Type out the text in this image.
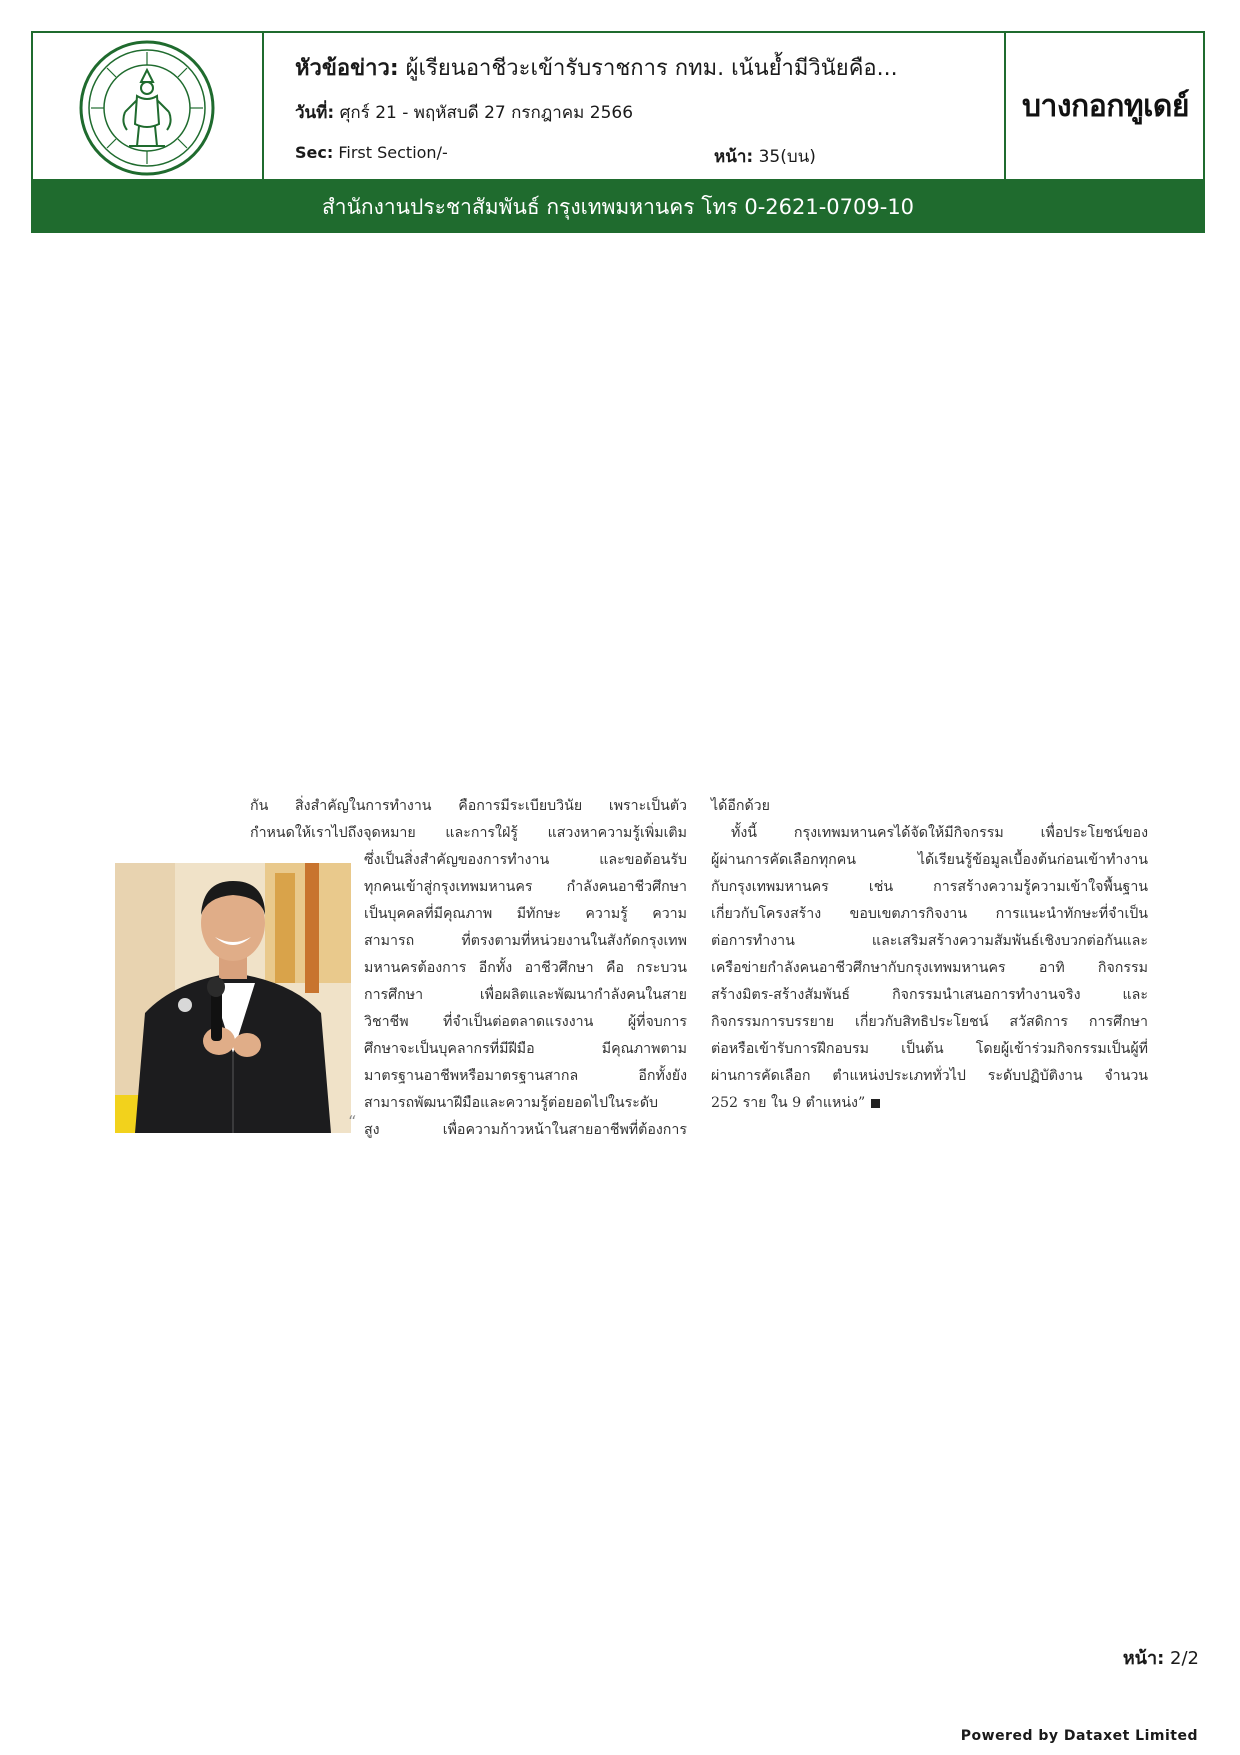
หัวข้อข่าว: ผู้เรียนอาชีวะเข้ารับราชการ กทม. เน้นย้ำมีวินัยคือ...
วันที่: ศุกร์ 21 - พฤหัสบดี 27 กรกฎาคม 2566
Sec: First Section/-	หน้า: 35(บน)
บางกอกทูเดย์
สำนักงานประชาสัมพันธ์ กรุงเทพมหานคร โทร 0-2621-0709-10
กัน สิ่งสำคัญในการทำงาน คือการมีระเบียบวินัย เพราะเป็นตัว
กำหนดให้เราไปถึงจุดหมาย และการใฝ่รู้ แสวงหาความรู้เพิ่มเติม
ซึ่งเป็นสิ่งสำคัญของการทำงาน และขอต้อนรับ
ทุกคนเข้าสู่กรุงเทพมหานคร กำลังคนอาชีวศึกษา
เป็นบุคคลที่มีคุณภาพ มีทักษะ ความรู้ ความ
สามารถ ที่ตรงตามที่หน่วยงานในสังกัดกรุงเทพ
มหานครต้องการ อีกทั้ง อาชีวศึกษา คือ กระบวน
การศึกษา เพื่อผลิตและพัฒนากำลังคนในสาย
วิชาชีพ ที่จำเป็นต่อตลาดแรงงาน ผู้ที่จบการ
ศึกษาจะเป็นบุคลากรที่มีฝีมือ มีคุณภาพตาม
มาตรฐานอาชีพหรือมาตรฐานสากล อีกทั้งยัง
สามารถพัฒนาฝีมือและความรู้ต่อยอดไปในระดับ
สูง เพื่อความก้าวหน้าในสายอาชีพที่ต้องการ
“
ได้อีกด้วย
ทั้งนี้ กรุงเทพมหานครได้จัดให้มีกิจกรรม เพื่อประโยชน์ของ
ผู้ผ่านการคัดเลือกทุกคน ได้เรียนรู้ข้อมูลเบื้องต้นก่อนเข้าทำงาน
กับกรุงเทพมหานคร เช่น การสร้างความรู้ความเข้าใจพื้นฐาน
เกี่ยวกับโครงสร้าง ขอบเขตภารกิจงาน การแนะนำทักษะที่จำเป็น
ต่อการทำงาน และเสริมสร้างความสัมพันธ์เชิงบวกต่อกันและ
เครือข่ายกำลังคนอาชีวศึกษากับกรุงเทพมหานคร อาทิ กิจกรรม
สร้างมิตร-สร้างสัมพันธ์ กิจกรรมนำเสนอการทำงานจริง และ
กิจกรรมการบรรยาย เกี่ยวกับสิทธิประโยชน์ สวัสดิการ การศึกษา
ต่อหรือเข้ารับการฝึกอบรม เป็นต้น โดยผู้เข้าร่วมกิจกรรมเป็นผู้ที่
ผ่านการคัดเลือก ตำแหน่งประเภททั่วไป ระดับปฏิบัติงาน จำนวน
252 ราย ใน 9 ตำแหน่ง”
หน้า: 2/2
Powered by Dataxet Limited
